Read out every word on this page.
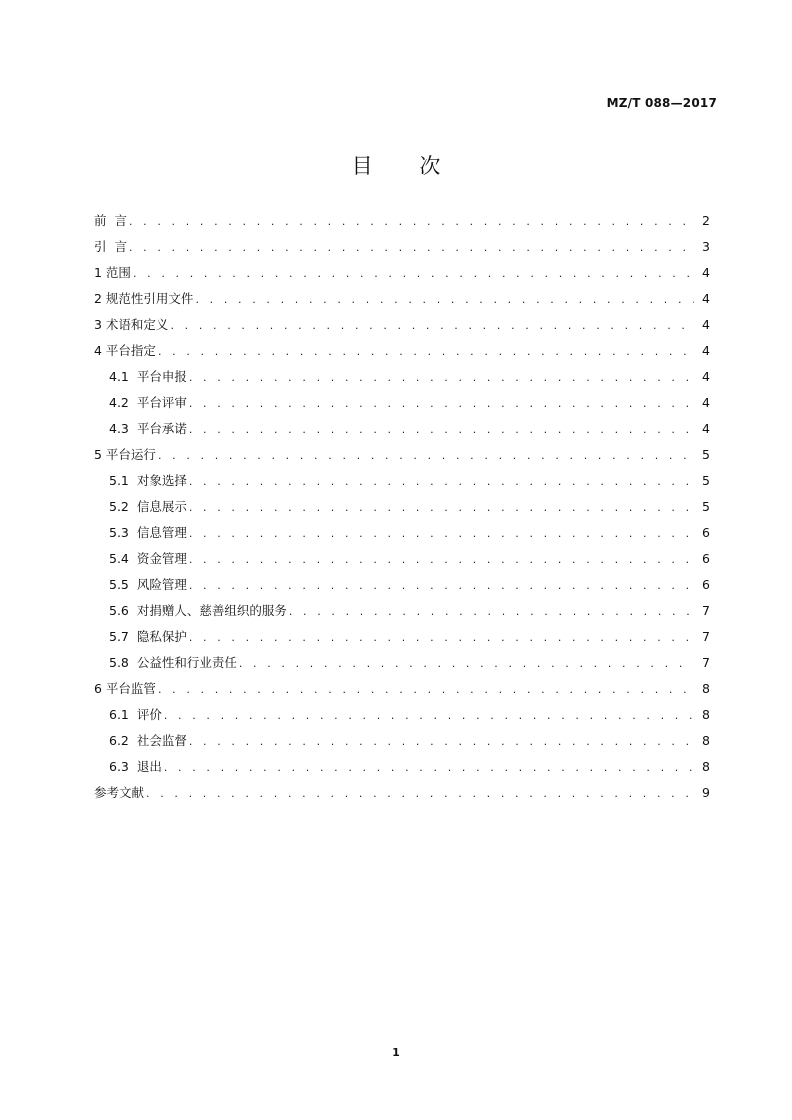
MZ/T 088—2017
目 次
前  言 . . .	2
引  言 . . .	3
1 范围 . . .	4
2 规范性引用文件 . . .	4
3 术语和定义 . . .	4
4 平台指定 . . .	4
4.1  平台申报 . . .	4
4.2  平台评审 . . .	4
4.3  平台承诺 . . .	4
5 平台运行 . . .	5
5.1  对象选择 . . .	5
5.2  信息展示 . . .	5
5.3  信息管理 . . .	6
5.4  资金管理 . . .	6
5.5  风险管理 . . .	6
5.6  对捐赠人、慈善组织的服务 . . .	7
5.7  隐私保护 . . .	7
5.8  公益性和行业责任 . . .	7
6 平台监管 . . .	8
6.1  评价 . . .	8
6.2  社会监督 . . .	8
6.3  退出 . . .	8
参考文献 . . .	9
1
